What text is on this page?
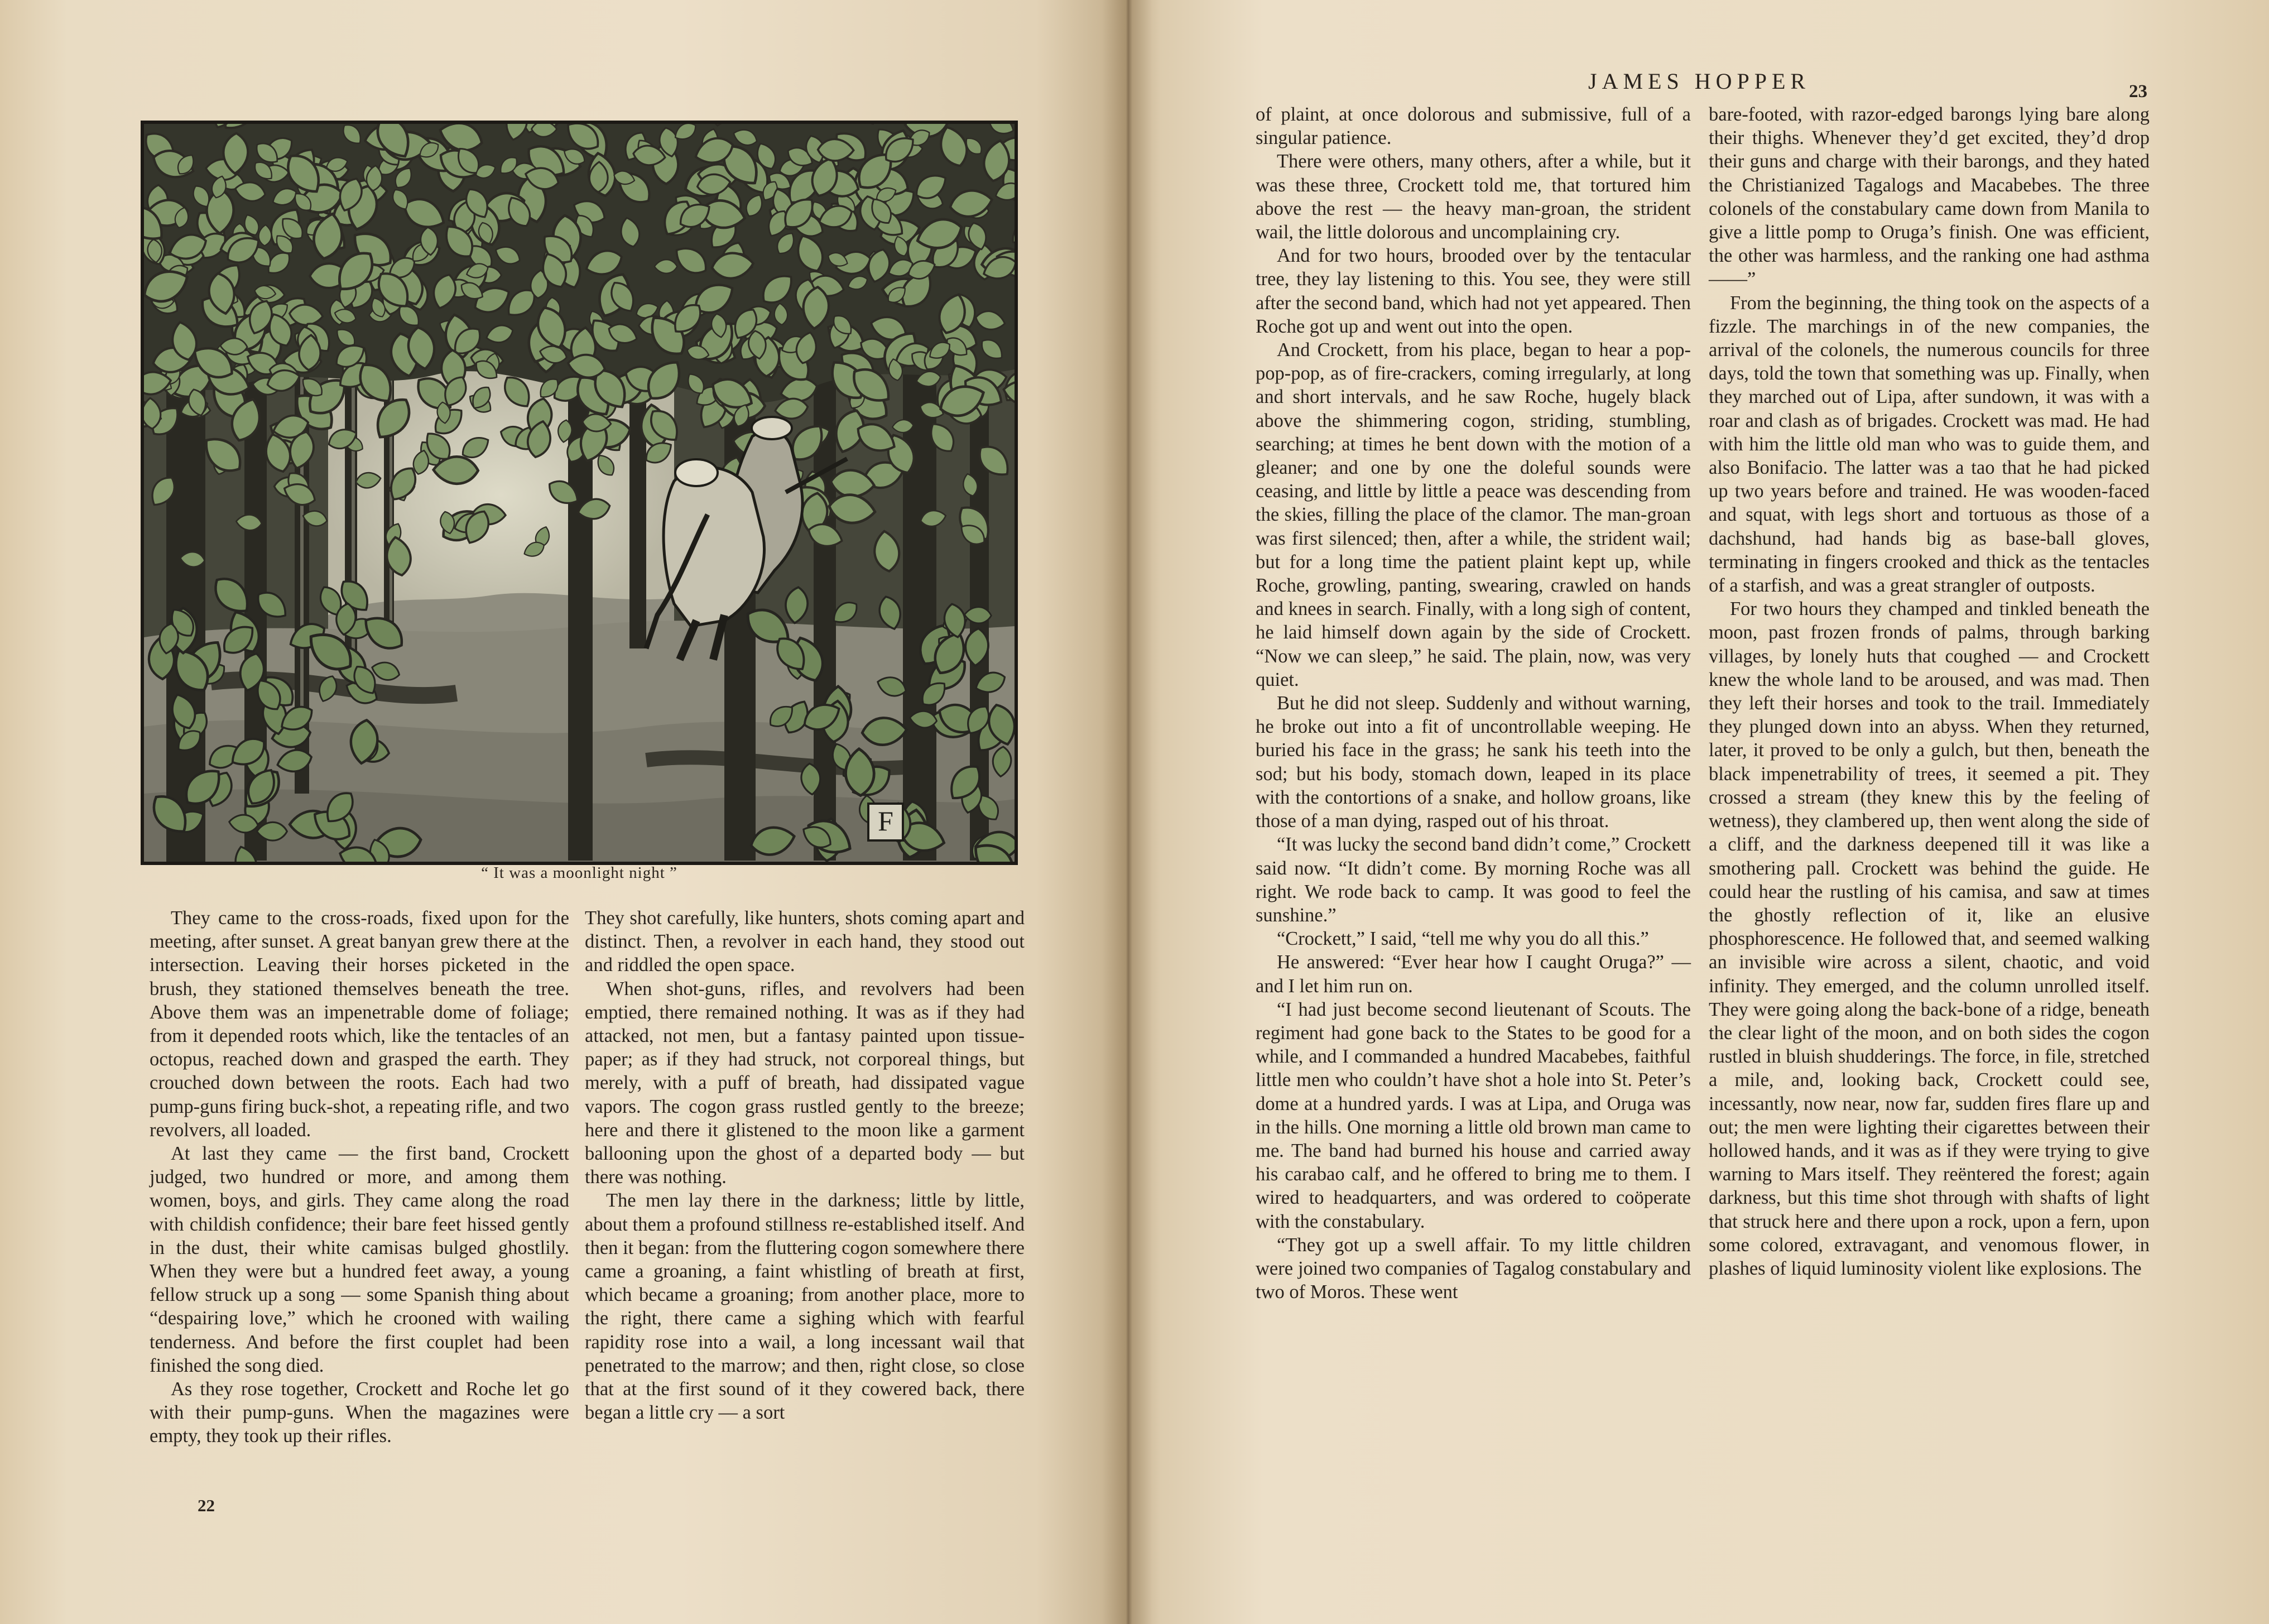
F
“ It was a moonlight night ”

They came to the cross-roads, fixed upon for the meeting, after sunset. A great banyan grew there at the intersection. Leaving their horses picketed in the brush, they stationed themselves beneath the tree. Above them was an impenetrable dome of foliage; from it depended roots which, like the tentacles of an octopus, reached down and grasped the earth. They crouched down between the roots. Each had two pump-guns firing buck-shot, a repeating rifle, and two revolvers, all loaded.

At last they came — the first band, Crockett judged, two hundred or more, and among them women, boys, and girls. They came along the road with childish confidence; their bare feet hissed gently in the dust, their white camisas bulged ghostlily. When they were but a hundred feet away, a young fellow struck up a song — some Spanish thing about “despairing love,” which he crooned with wailing tenderness. And before the first couplet had been finished the song died.

As they rose together, Crockett and Roche let go with their pump-guns. When the magazines were empty, they took up their rifles.

They shot carefully, like hunters, shots coming apart and distinct. Then, a revolver in each hand, they stood out and riddled the open space.

When shot-guns, rifles, and revolvers had been emptied, there remained nothing. It was as if they had attacked, not men, but a fantasy painted upon tissue-paper; as if they had struck, not corporeal things, but merely, with a puff of breath, had dissipated vague vapors. The cogon grass rustled gently to the breeze; here and there it glistened to the moon like a garment ballooning upon the ghost of a departed body — but there was nothing.

The men lay there in the darkness; little by little, about them a profound stillness re-established itself. And then it began: from the fluttering cogon somewhere there came a groaning, a faint whistling of breath at first, which became a groaning; from another place, more to the right, there came a sighing which with fearful rapidity rose into a wail, a long incessant wail that penetrated to the marrow; and then, right close, so close that at the first sound of it they cowered back, there began a little cry — a sort

22
JAMES HOPPER	23

of plaint, at once dolorous and submissive, full of a singular patience.

There were others, many others, after a while, but it was these three, Crockett told me, that tortured him above the rest — the heavy man-groan, the strident wail, the little dolorous and uncomplaining cry.

And for two hours, brooded over by the tentacular tree, they lay listening to this. You see, they were still after the second band, which had not yet appeared. Then Roche got up and went out into the open.

And Crockett, from his place, began to hear a pop-pop-pop, as of fire-crackers, coming irregularly, at long and short intervals, and he saw Roche, hugely black above the shimmering cogon, striding, stumbling, searching; at times he bent down with the motion of a gleaner; and one by one the doleful sounds were ceasing, and little by little a peace was descending from the skies, filling the place of the clamor. The man-groan was first silenced; then, after a while, the strident wail; but for a long time the patient plaint kept up, while Roche, growling, panting, swearing, crawled on hands and knees in search. Finally, with a long sigh of content, he laid himself down again by the side of Crockett. “Now we can sleep,” he said. The plain, now, was very quiet.

But he did not sleep. Suddenly and without warning, he broke out into a fit of uncontrollable weeping. He buried his face in the grass; he sank his teeth into the sod; but his body, stomach down, leaped in its place with the contortions of a snake, and hollow groans, like those of a man dying, rasped out of his throat.

“It was lucky the second band didn’t come,” Crockett said now. “It didn’t come. By morning Roche was all right. We rode back to camp. It was good to feel the sunshine.”

“Crockett,” I said, “tell me why you do all this.”

He answered: “Ever hear how I caught Oruga?” — and I let him run on.

“I had just become second lieutenant of Scouts. The regiment had gone back to the States to be good for a while, and I commanded a hundred Macabebes, faithful little men who couldn’t have shot a hole into St. Peter’s dome at a hundred yards. I was at Lipa, and Oruga was in the hills. One morning a little old brown man came to me. The band had burned his house and carried away his carabao calf, and he offered to bring me to them. I wired to headquarters, and was ordered to coöperate with the constabulary.

“They got up a swell affair. To my little children were joined two companies of Tagalog constabulary and two of Moros. These went

bare-footed, with razor-edged barongs lying bare along their thighs. Whenever they’d get excited, they’d drop their guns and charge with their barongs, and they hated the Christianized Tagalogs and Macabebes. The three colonels of the constabulary came down from Manila to give a little pomp to Oruga’s finish. One was efficient, the other was harmless, and the ranking one had asthma ——”

From the beginning, the thing took on the aspects of a fizzle. The marchings in of the new companies, the arrival of the colonels, the numerous councils for three days, told the town that something was up. Finally, when they marched out of Lipa, after sundown, it was with a roar and clash as of brigades. Crockett was mad. He had with him the little old man who was to guide them, and also Bonifacio. The latter was a tao that he had picked up two years before and trained. He was wooden-faced and squat, with legs short and tortuous as those of a dachshund, had hands big as base-ball gloves, terminating in fingers crooked and thick as the tentacles of a starfish, and was a great strangler of outposts.

For two hours they champed and tinkled beneath the moon, past frozen fronds of palms, through barking villages, by lonely huts that coughed — and Crockett knew the whole land to be aroused, and was mad. Then they left their horses and took to the trail. Immediately they plunged down into an abyss. When they returned, later, it proved to be only a gulch, but then, beneath the black impenetrability of trees, it seemed a pit. They crossed a stream (they knew this by the feeling of wetness), they clambered up, then went along the side of a cliff, and the darkness deepened till it was like a smothering pall. Crockett was behind the guide. He could hear the rustling of his camisa, and saw at times the ghostly reflection of it, like an elusive phosphorescence. He followed that, and seemed walking an invisible wire across a silent, chaotic, and void infinity. They emerged, and the column unrolled itself. They were going along the back-bone of a ridge, beneath the clear light of the moon, and on both sides the cogon rustled in bluish shudderings. The force, in file, stretched a mile, and, looking back, Crockett could see, incessantly, now near, now far, sudden fires flare up and out; the men were lighting their cigarettes between their hollowed hands, and it was as if they were trying to give warning to Mars itself. They reëntered the forest; again darkness, but this time shot through with shafts of light that struck here and there upon a rock, upon a fern, upon some colored, extravagant, and venomous flower, in plashes of liquid luminosity violent like explosions. The
